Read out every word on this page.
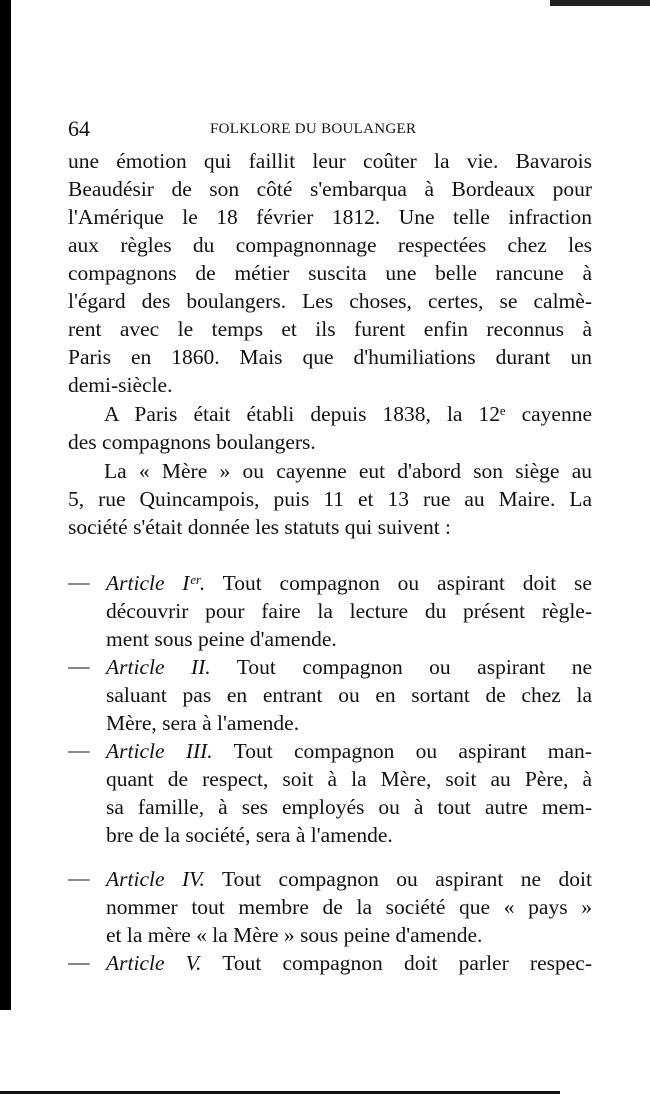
64	FOLKLORE DU BOULANGER
une émotion qui faillit leur coûter la vie. Bavarois
Beaudésir de son côté s'embarqua à Bordeaux pour
l'Amérique le 18 février 1812. Une telle infraction
aux règles du compagnonnage respectées chez les
compagnons de métier suscita une belle rancune à
l'égard des boulangers. Les choses, certes, se calmè-
rent avec le temps et ils furent enfin reconnus à
Paris en 1860. Mais que d'humiliations durant un
demi-siècle.
A Paris était établi depuis 1838, la 12ᵉ cayenne
des compagnons boulangers.
La « Mère » ou cayenne eut d'abord son siège au
5, rue Quincampois, puis 11 et 13 rue au Maire. La
société s'était donnée les statuts qui suivent :
— Article Iᵉʳ. Tout compagnon ou aspirant doit se
découvrir pour faire la lecture du présent règle-
ment sous peine d'amende.
— Article II. Tout compagnon ou aspirant ne
saluant pas en entrant ou en sortant de chez la
Mère, sera à l'amende.
— Article III. Tout compagnon ou aspirant man-
quant de respect, soit à la Mère, soit au Père, à
sa famille, à ses employés ou à tout autre mem-
bre de la société, sera à l'amende.
— Article IV. Tout compagnon ou aspirant ne doit
nommer tout membre de la société que « pays »
et la mère « la Mère » sous peine d'amende.
— Article V. Tout compagnon doit parler respec-
